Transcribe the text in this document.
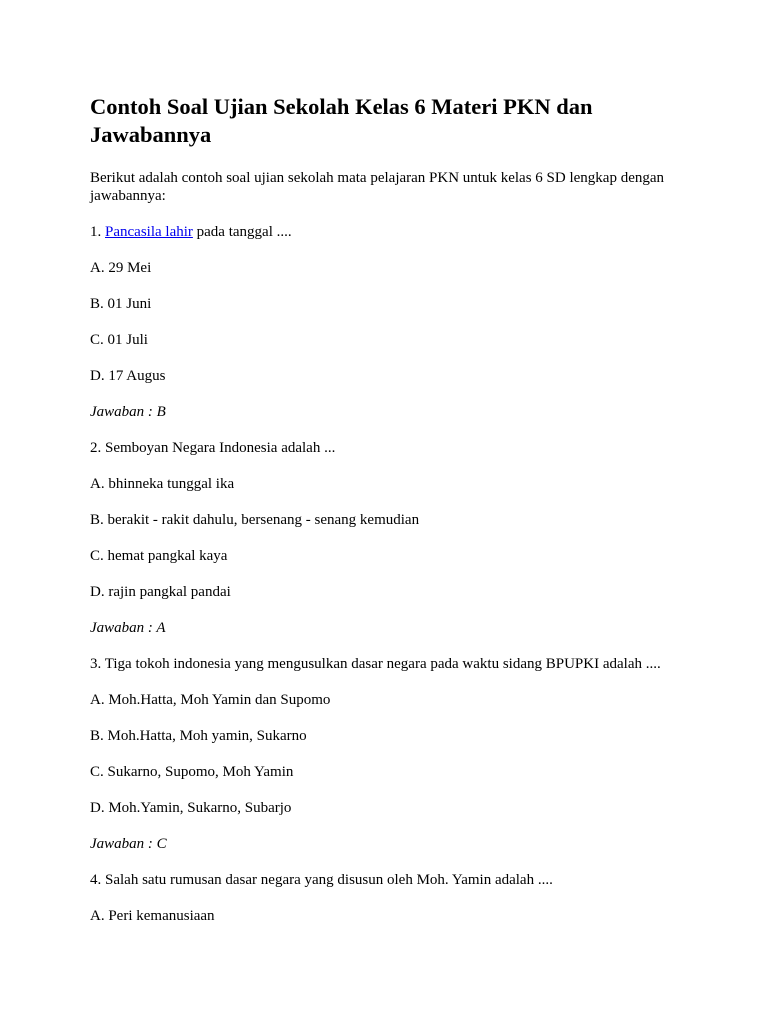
Contoh Soal Ujian Sekolah Kelas 6 Materi PKN dan Jawabannya

Berikut adalah contoh soal ujian sekolah mata pelajaran PKN untuk kelas 6 SD lengkap dengan jawabannya:

1. Pancasila lahir pada tanggal ....

A. 29 Mei

B. 01 Juni

C. 01 Juli

D. 17 Augus

Jawaban : B

2. Semboyan Negara Indonesia adalah ...

A. bhinneka tunggal ika

B. berakit - rakit dahulu, bersenang - senang kemudian

C. hemat pangkal kaya

D. rajin pangkal pandai

Jawaban : A

3. Tiga tokoh indonesia yang mengusulkan dasar negara pada waktu sidang BPUPKI adalah ....

A. Moh.Hatta, Moh Yamin dan Supomo

B. Moh.Hatta, Moh yamin, Sukarno

C. Sukarno, Supomo, Moh Yamin

D. Moh.Yamin, Sukarno, Subarjo

Jawaban : C

4. Salah satu rumusan dasar negara yang disusun oleh Moh. Yamin adalah ....

A. Peri kemanusiaan
